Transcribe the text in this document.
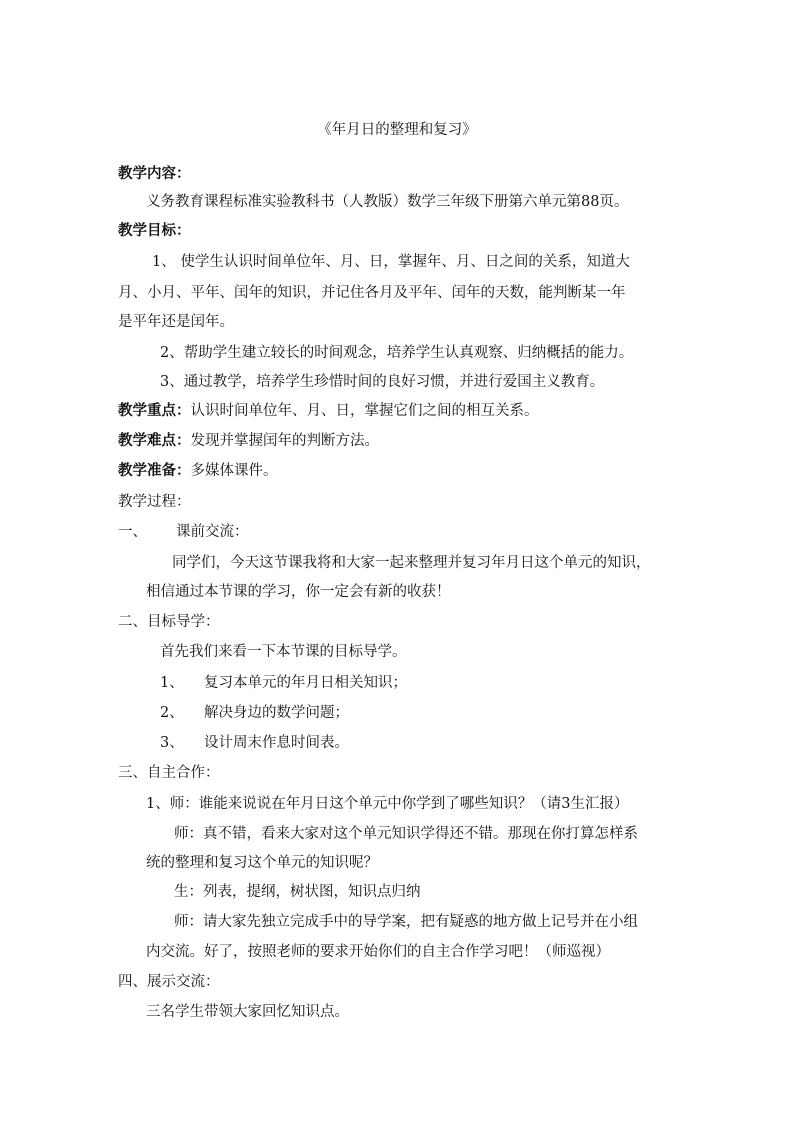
《年月日的整理和复习》
教学内容：
义务教育课程标准实验教科书（人教版）数学三年级下册第六单元第88页。
教学目标：
1、 使学生认识时间单位年、月、日，掌握年、月、日之间的关系，知道大
月、小月、平年、闰年的知识，并记住各月及平年、闰年的天数，能判断某一年
是平年还是闰年。
2、帮助学生建立较长的时间观念，培养学生认真观察、归纳概括的能力。
3、通过教学，培养学生珍惜时间的良好习惯，并进行爱国主义教育。
教学重点：认识时间单位年、月、日，掌握它们之间的相互关系。
教学难点：发现并掌握闰年的判断方法。
教学准备：多媒体课件。
教学过程：
一、 课前交流：
同学们，今天这节课我将和大家一起来整理并复习年月日这个单元的知识，
相信通过本节课的学习，你一定会有新的收获！
二、目标导学：
首先我们来看一下本节课的目标导学。
1、 复习本单元的年月日相关知识；
2、 解决身边的数学问题；
3、 设计周末作息时间表。
三、自主合作：
1、师：谁能来说说在年月日这个单元中你学到了哪些知识？（请3生汇报）
师：真不错，看来大家对这个单元知识学得还不错。那现在你打算怎样系
统的整理和复习这个单元的知识呢？
生：列表，提纲，树状图，知识点归纳
师：请大家先独立完成手中的导学案，把有疑惑的地方做上记号并在小组
内交流。好了，按照老师的要求开始你们的自主合作学习吧！（师巡视）
四、展示交流：
三名学生带领大家回忆知识点。
